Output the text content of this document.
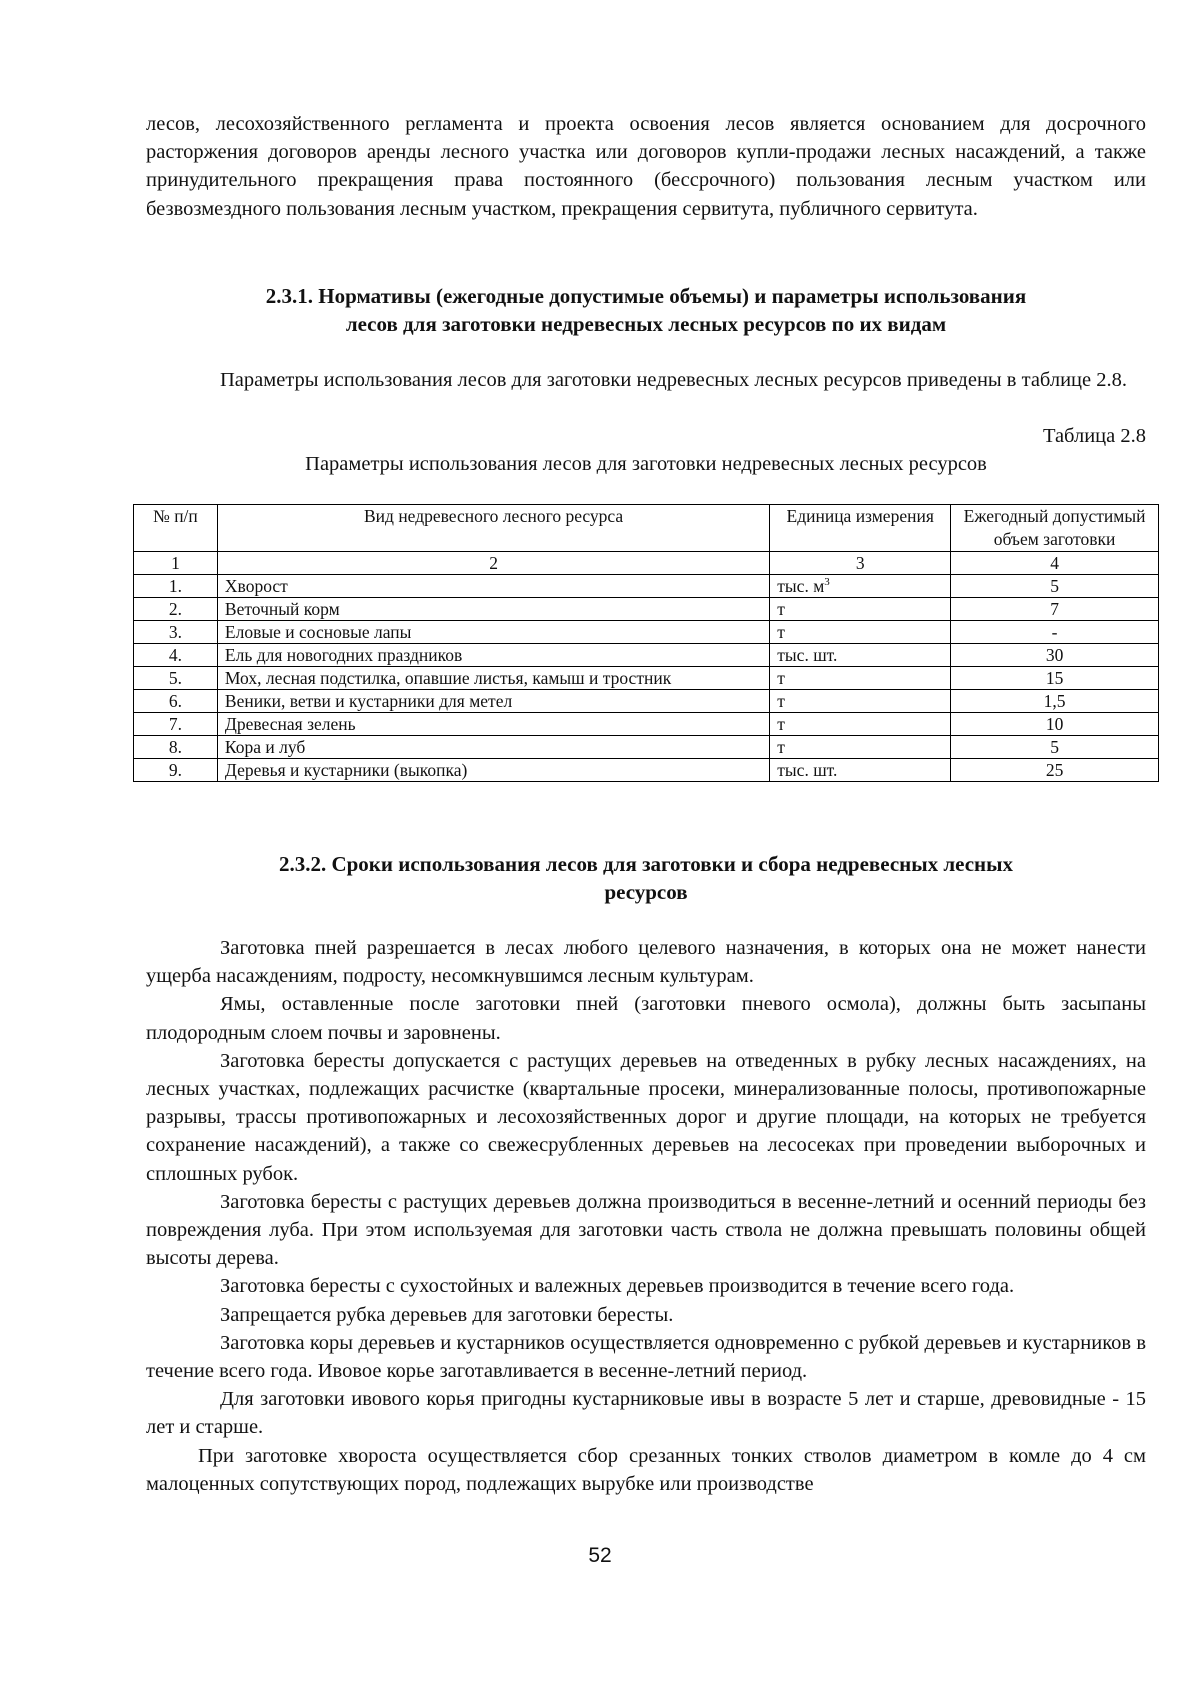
лесов, лесохозяйственного регламента и проекта освоения лесов является основанием для досрочного расторжения договоров аренды лесного участка или договоров купли-продажи лесных насаждений, а также принудительного прекращения права постоянного (бессрочного) пользования лесным участком или безвозмездного пользования лесным участком, прекращения сервитута, публичного сервитута.

2.3.1. Нормативы (ежегодные допустимые объемы) и параметры использования
лесов для заготовки недревесных лесных ресурсов по их видам

Параметры использования лесов для заготовки недревесных лесных ресурсов приведены в таблице 2.8.

Таблица 2.8
Параметры использования лесов для заготовки недревесных лесных ресурсов
№ п/п	Вид недревесного лесного ресурса	Единица измерения	Ежегодный допустимый объем заготовки
1	2	3	4
1.	Хворост	тыс. $м^3$	5
2.	Веточный корм	т	7
3.	Еловые и сосновые лапы	т	-
4.	Ель для новогодних праздников	тыс. шт.	30
5.	Мох, лесная подстилка, опавшие листья, камыш и тростник	т	15
6.	Веники, ветви и кустарники для метел	т	1,5
7.	Древесная зелень	т	10
8.	Кора и луб	т	5
9.	Деревья и кустарники (выкопка)	тыс. шт.	25
2.3.2. Сроки использования лесов для заготовки и сбора недревесных лесных
ресурсов

Заготовка пней разрешается в лесах любого целевого назначения, в которых она не может нанести ущерба насаждениям, подросту, несомкнувшимся лесным культурам.

Ямы, оставленные после заготовки пней (заготовки пневого осмола), должны быть засыпаны плодородным слоем почвы и заровнены.

Заготовка бересты допускается с растущих деревьев на отведенных в рубку лесных насаждениях, на лесных участках, подлежащих расчистке (квартальные просеки, минерализованные полосы, противопожарные разрывы, трассы противопожарных и лесохозяйственных дорог и другие площади, на которых не требуется сохранение насаждений), а также со свежесрубленных деревьев на лесосеках при проведении выборочных и сплошных рубок.

Заготовка бересты с растущих деревьев должна производиться в весенне-летний и осенний периоды без повреждения луба. При этом используемая для заготовки часть ствола не должна превышать половины общей высоты дерева.

Заготовка бересты с сухостойных и валежных деревьев производится в течение всего года.

Запрещается рубка деревьев для заготовки бересты.

Заготовка коры деревьев и кустарников осуществляется одновременно с рубкой деревьев и кустарников в течение всего года. Ивовое корье заготавливается в весенне-летний период.

Для заготовки ивового корья пригодны кустарниковые ивы в возрасте 5 лет и старше, древовидные - 15 лет и старше.

При заготовке хвороста осуществляется сбор срезанных тонких стволов диаметром в комле до 4 см малоценных сопутствующих пород, подлежащих вырубке или производстве

52
